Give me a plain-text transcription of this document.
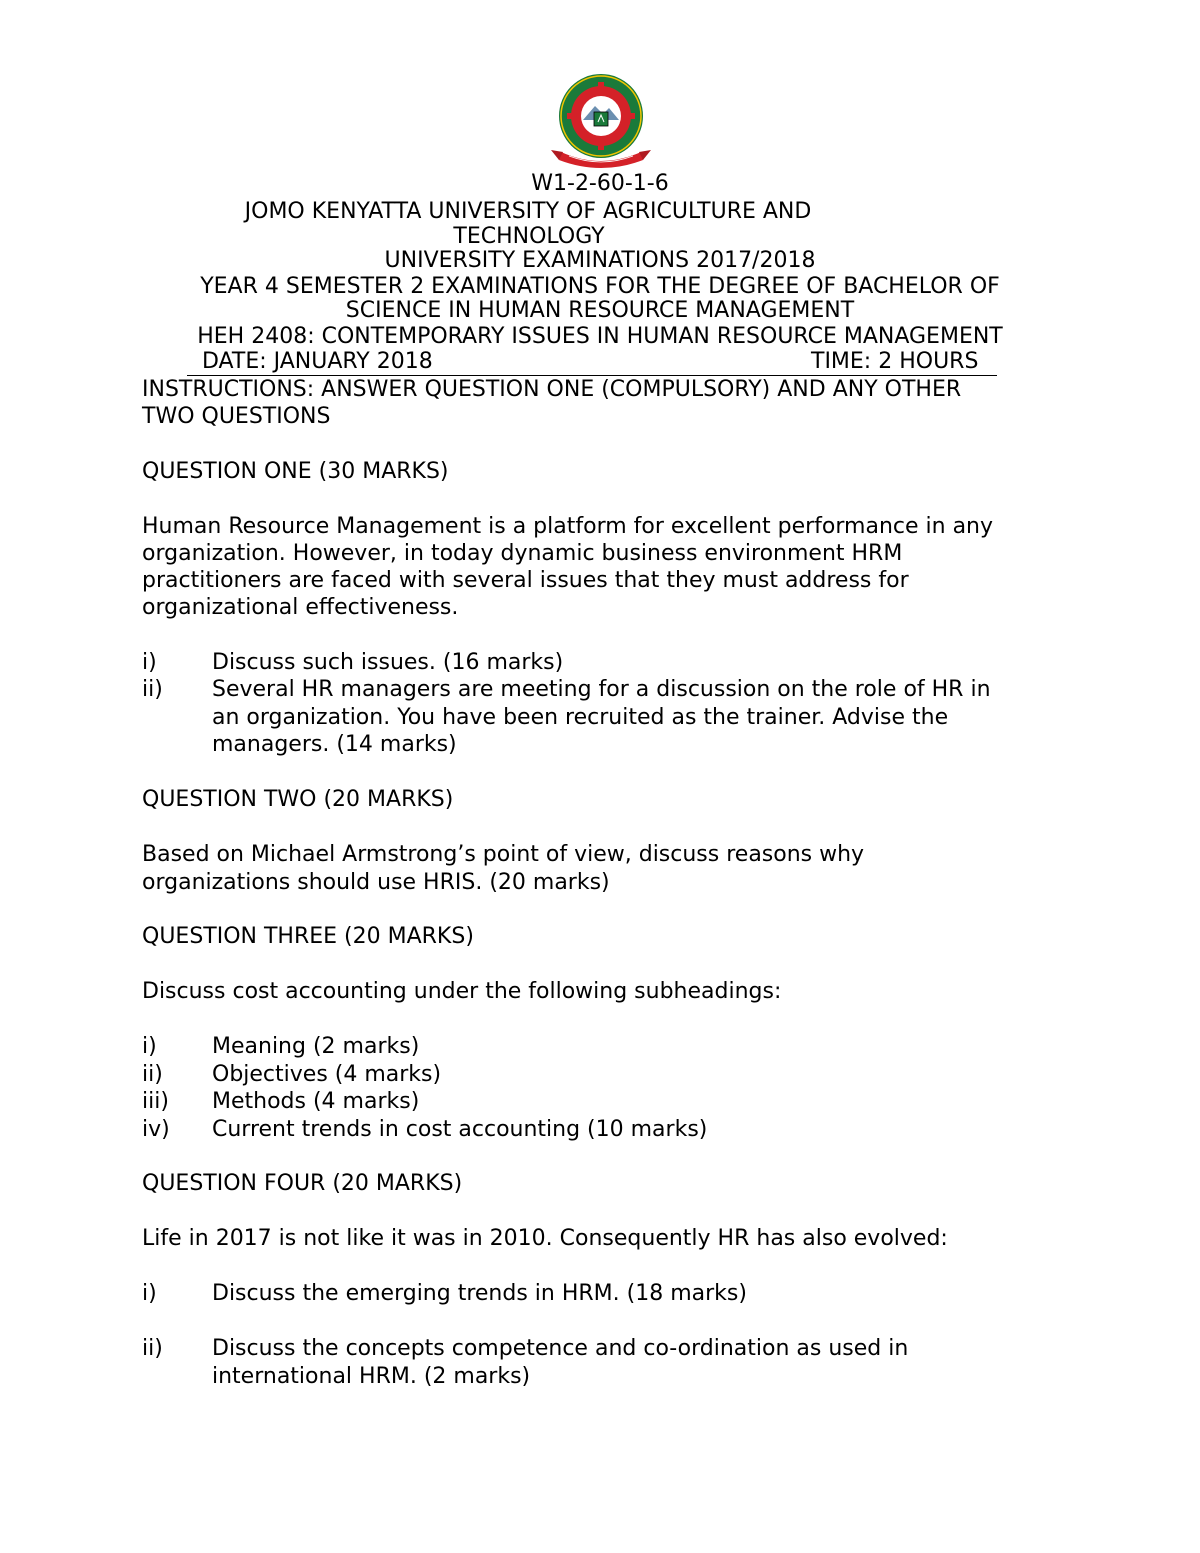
W1-2-60-1-6
JOMO KENYATTA UNIVERSITY OF AGRICULTURE AND
TECHNOLOGY
UNIVERSITY EXAMINATIONS 2017/2018
YEAR 4 SEMESTER 2 EXAMINATIONS FOR THE DEGREE OF BACHELOR OF
SCIENCE IN HUMAN RESOURCE MANAGEMENT
HEH 2408: CONTEMPORARY ISSUES IN HUMAN RESOURCE MANAGEMENT
DATE: JANUARY 2018	TIME: 2 HOURS
INSTRUCTIONS: ANSWER QUESTION ONE (COMPULSORY) AND ANY OTHER
TWO QUESTIONS
QUESTION ONE (30 MARKS)
Human Resource Management is a platform for excellent performance in any
organization. However, in today dynamic business environment HRM
practitioners are faced with several issues that they must address for
organizational effectiveness.
i)	Discuss such issues. (16 marks)
ii) Several HR managers are meeting for a discussion on the role of HR in
an organization. You have been recruited as the trainer. Advise the
managers. (14 marks)
QUESTION TWO (20 MARKS)
Based on Michael Armstrong’s point of view, discuss reasons why
organizations should use HRIS. (20 marks)
QUESTION THREE (20 MARKS)
Discuss cost accounting under the following subheadings:
i)	Meaning (2 marks)
ii) Objectives (4 marks)
iii) Methods (4 marks)
iv) Current trends in cost accounting (10 marks)
QUESTION FOUR (20 MARKS)
Life in 2017 is not like it was in 2010. Consequently HR has also evolved:
i)	Discuss the emerging trends in HRM. (18 marks)
ii) Discuss the concepts competence and co-ordination as used in
international HRM. (2 marks)
